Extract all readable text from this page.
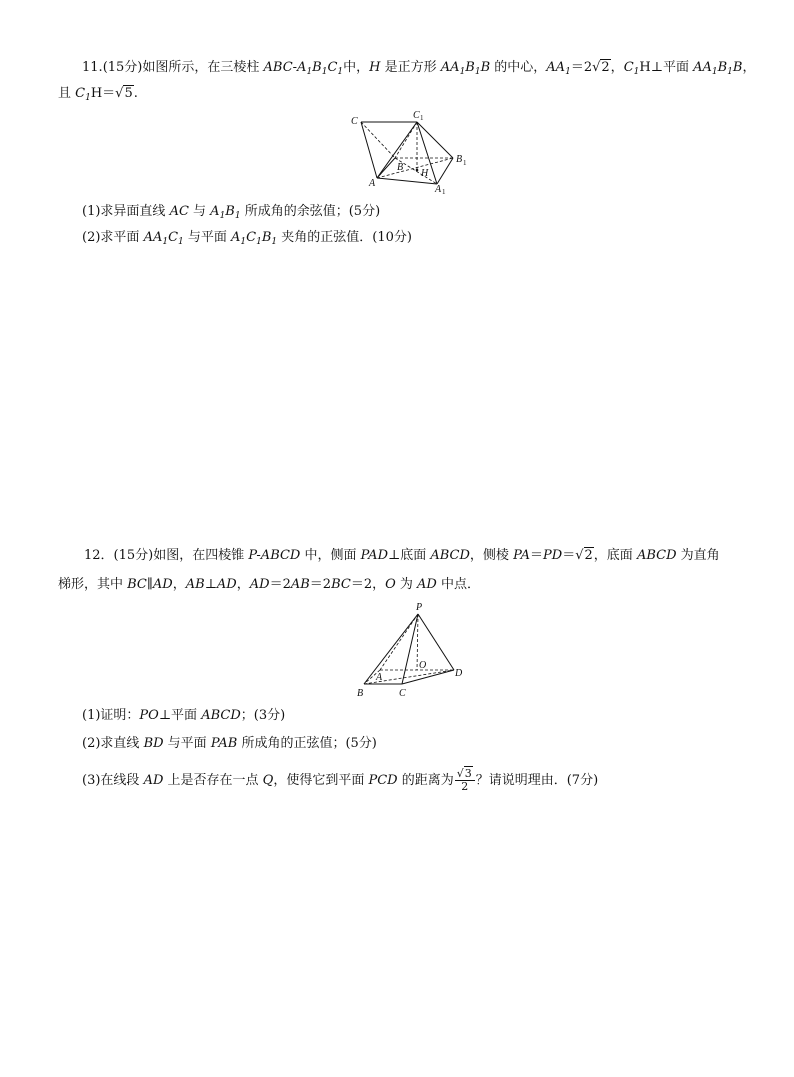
11.(15分)如图所示，在三棱柱 ABC-$A_1B_1C_1$中，H 是正方形 $AA_1B_1B$ 的中心，$AA_1=2√2$，$C_1H\perp$平面 $AA_1B_1B$，
且 $C_1H=√5$.
C
C 1
B
H
B 1
A
A 1
(1)求异面直线 AC 与 $A_1B_1$ 所成角的余弦值；(5分)
(2)求平面 $AA_1C_1$ 与平面 $A_1C_1B_1$ 夹角的正弦值．(10分)
12．(15分)如图，在四棱锥 P-ABCD 中，侧面 PAD⊥底面 ABCD，侧棱 PA＝PD＝√2，底面 ABCD 为直角
梯形，其中 BC∥AD，AB⊥AD，AD＝2AB＝2BC＝2，O 为 AD 中点．
P
O
D
A
B	C
(1)证明：PO⊥平面 ABCD；(3分)
(2)求直线 BD 与平面 PAB 所成角的正弦值；(5分)
(3)在线段 AD 上是否存在一点 Q，使得它到平面 PCD 的距离为 $\frac{√3}{2}$ ？请说明理由．(7分)
